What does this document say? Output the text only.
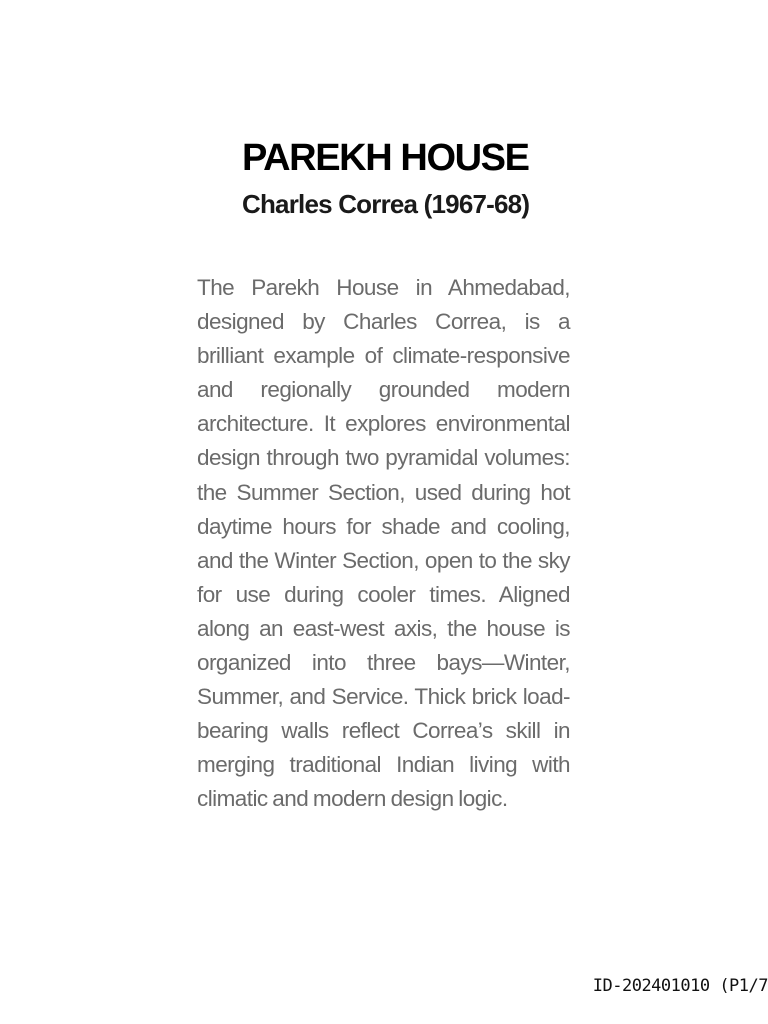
PAREKH HOUSE
Charles Correa (1967-68)

The Parekh House in Ahmedabad, designed by Charles Correa, is a brilliant example of climate-responsive and regionally grounded modern architecture. It explores environmental design through two pyramidal volumes: the Summer Section, used during hot daytime hours for shade and cooling, and the Winter Section, open to the sky for use during cooler times. Aligned along an east-west axis, the house is organized into three bays—Winter, Summer, and Service. Thick brick load-bearing walls reflect Correa’s skill in merging traditional Indian living with climatic and modern design logic.

ID-202401010 (P1/7
